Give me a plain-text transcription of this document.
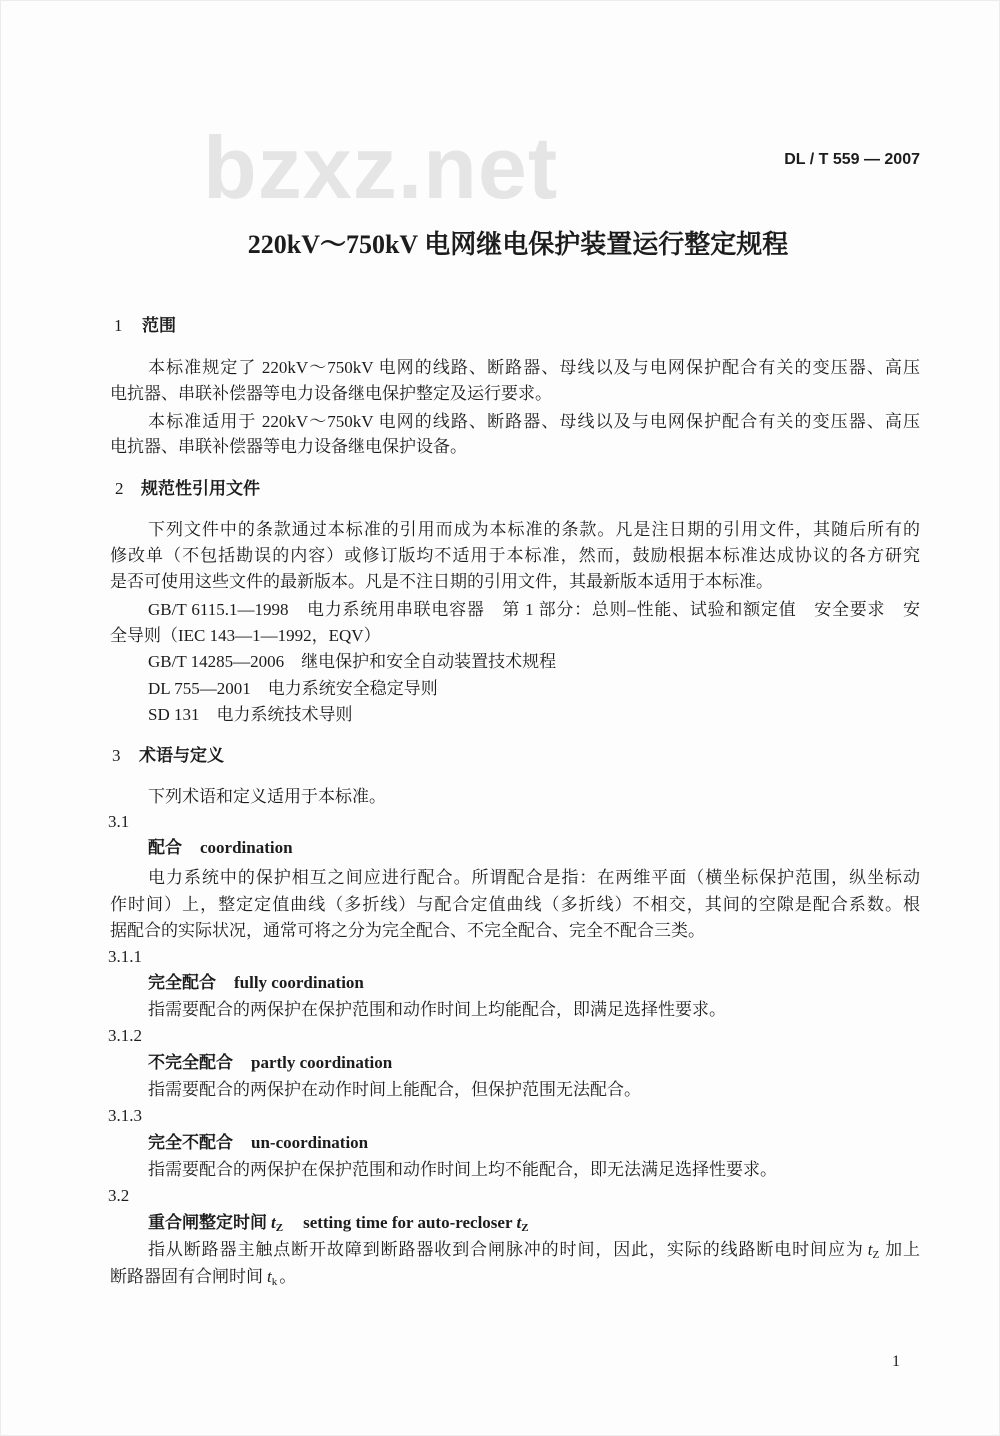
bzxz.net	DL / T 559 — 2007
220kV～750kV 电网继电保护装置运行整定规程
1 范围
本标准规定了 220kV～750kV 电网的线路、断路器、母线以及与电网保护配合有关的变压器、高压
电抗器、串联补偿器等电力设备继电保护整定及运行要求。
本标准适用于 220kV～750kV 电网的线路、断路器、母线以及与电网保护配合有关的变压器、高压
电抗器、串联补偿器等电力设备继电保护设备。
2 规范性引用文件
下列文件中的条款通过本标准的引用而成为本标准的条款。凡是注日期的引用文件，其随后所有的
修改单（不包括勘误的内容）或修订版均不适用于本标准，然而，鼓励根据本标准达成协议的各方研究
是否可使用这些文件的最新版本。凡是不注日期的引用文件，其最新版本适用于本标准。
GB/T 6115.1—1998　电力系统用串联电容器　第 1 部分：总则–性能、试验和额定值　安全要求　安
全导则（IEC 143—1—1992，EQV）
GB/T 14285—2006　继电保护和安全自动装置技术规程
DL 755—2001　电力系统安全稳定导则
SD 131　电力系统技术导则
3 术语与定义
下列术语和定义适用于本标准。
3.1
配合 coordination
电力系统中的保护相互之间应进行配合。所谓配合是指：在两维平面（横坐标保护范围，纵坐标动
作时间）上，整定定值曲线（多折线）与配合定值曲线（多折线）不相交，其间的空隙是配合系数。根
据配合的实际状况，通常可将之分为完全配合、不完全配合、完全不配合三类。
3.1.1
完全配合 fully coordination
指需要配合的两保护在保护范围和动作时间上均能配合，即满足选择性要求。
3.1.2
不完全配合 partly coordination
指需要配合的两保护在动作时间上能配合，但保护范围无法配合。
3.1.3
完全不配合 un-coordination
指需要配合的两保护在保护范围和动作时间上均不能配合，即无法满足选择性要求。
3.2
重合闸整定时间 $t_Z$ setting time for auto-recloser $t_Z$
指从断路器主触点断开故障到断路器收到合闸脉冲的时间，因此，实际的线路断电时间应为 $t_Z$ 加上
断路器固有合闸时间 $t_k$ 。
1
